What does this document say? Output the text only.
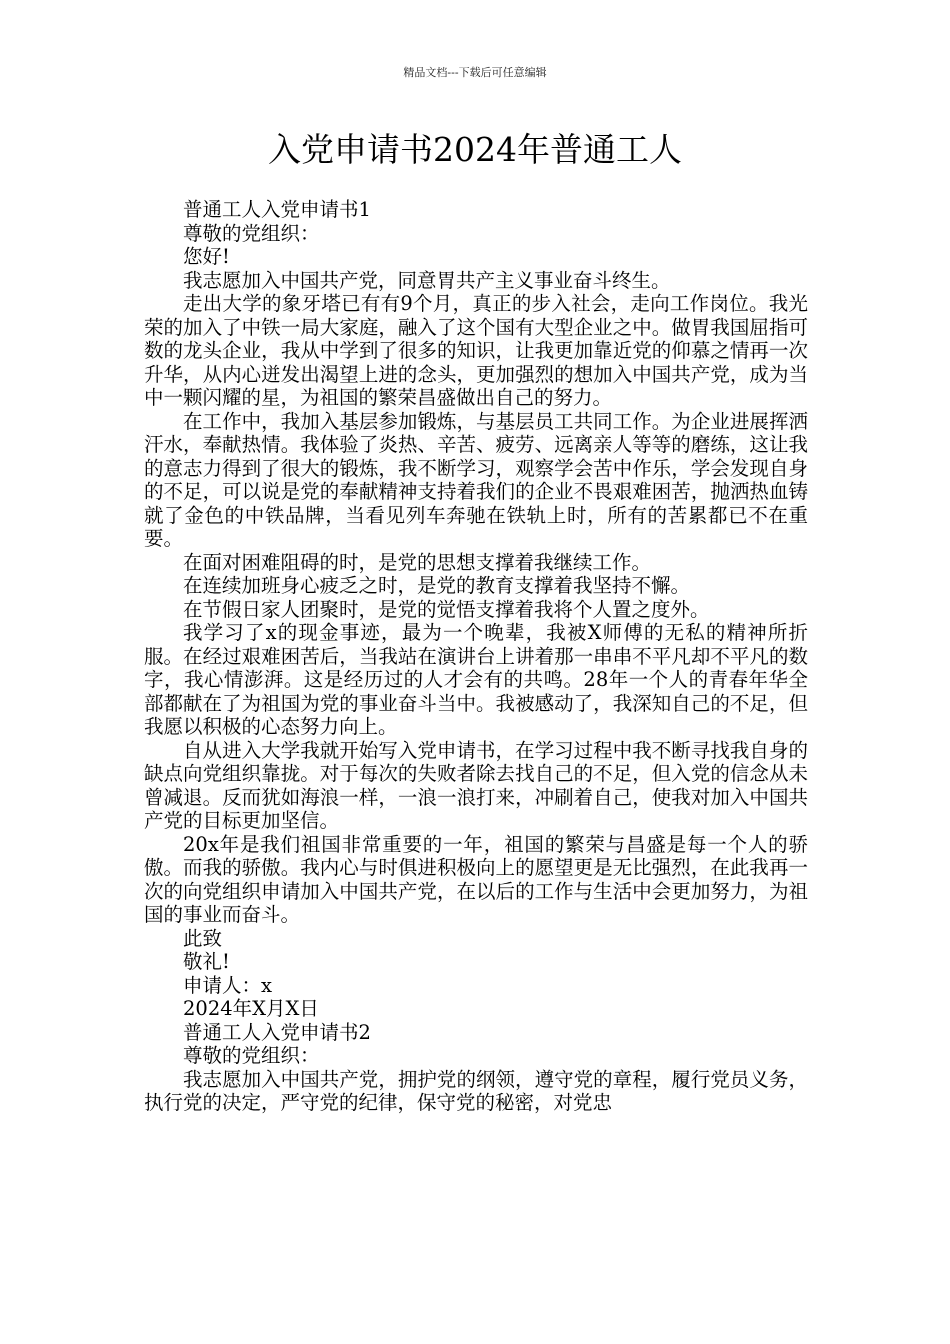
精品文档---下载后可任意编辑
入党申请书2024年普通工人

普通工人入党申请书1

尊敬的党组织：

您好!

我志愿加入中国共产党，同意胃共产主义事业奋斗终生。

走出大学的象牙塔已有有9个月，真正的步入社会，走向工作岗位。我光荣的加入了中铁一局大家庭，融入了这个国有大型企业之中。做胃我国屈指可数的龙头企业，我从中学到了很多的知识，让我更加靠近党的仰慕之情再一次升华，从内心迸发出渴望上进的念头，更加强烈的想加入中国共产党，成为当中一颗闪耀的星，为祖国的繁荣昌盛做出自己的努力。

在工作中，我加入基层参加锻炼，与基层员工共同工作。为企业进展挥洒汗水，奉献热情。我体验了炎热、辛苦、疲劳、远离亲人等等的磨练，这让我的意志力得到了很大的锻炼，我不断学习，观察学会苦中作乐，学会发现自身的不足，可以说是党的奉献精神支持着我们的企业不畏艰难困苦，抛洒热血铸就了金色的中铁品牌，当看见列车奔驰在铁轨上时，所有的苦累都已不在重要。

在面对困难阻碍的时，是党的思想支撑着我继续工作。

在连续加班身心疲乏之时，是党的教育支撑着我坚持不懈。

在节假日家人团聚时，是党的觉悟支撑着我将个人置之度外。

我学习了x的现金事迹，最为一个晚辈，我被X师傅的无私的精神所折服。在经过艰难困苦后，当我站在演讲台上讲着那一串串不平凡却不平凡的数字，我心情澎湃。这是经历过的人才会有的共鸣。28年一个人的青春年华全部都献在了为祖国为党的事业奋斗当中。我被感动了，我深知自己的不足，但我愿以积极的心态努力向上。

自从进入大学我就开始写入党申请书，在学习过程中我不断寻找我自身的缺点向党组织靠拢。对于每次的失败者除去找自己的不足，但入党的信念从未曾减退。反而犹如海浪一样，一浪一浪打来，冲刷着自己，使我对加入中国共产党的目标更加坚信。

20x年是我们祖国非常重要的一年，祖国的繁荣与昌盛是每一个人的骄傲。而我的骄傲。我内心与时俱进积极向上的愿望更是无比强烈，在此我再一次的向党组织申请加入中国共产党，在以后的工作与生活中会更加努力，为祖国的事业而奋斗。

此致

敬礼!

申请人：x

2024年X月X日

普通工人入党申请书2

尊敬的党组织：

我志愿加入中国共产党，拥护党的纲领，遵守党的章程，履行党员义务，执行党的决定，严守党的纪律，保守党的秘密，对党忠
